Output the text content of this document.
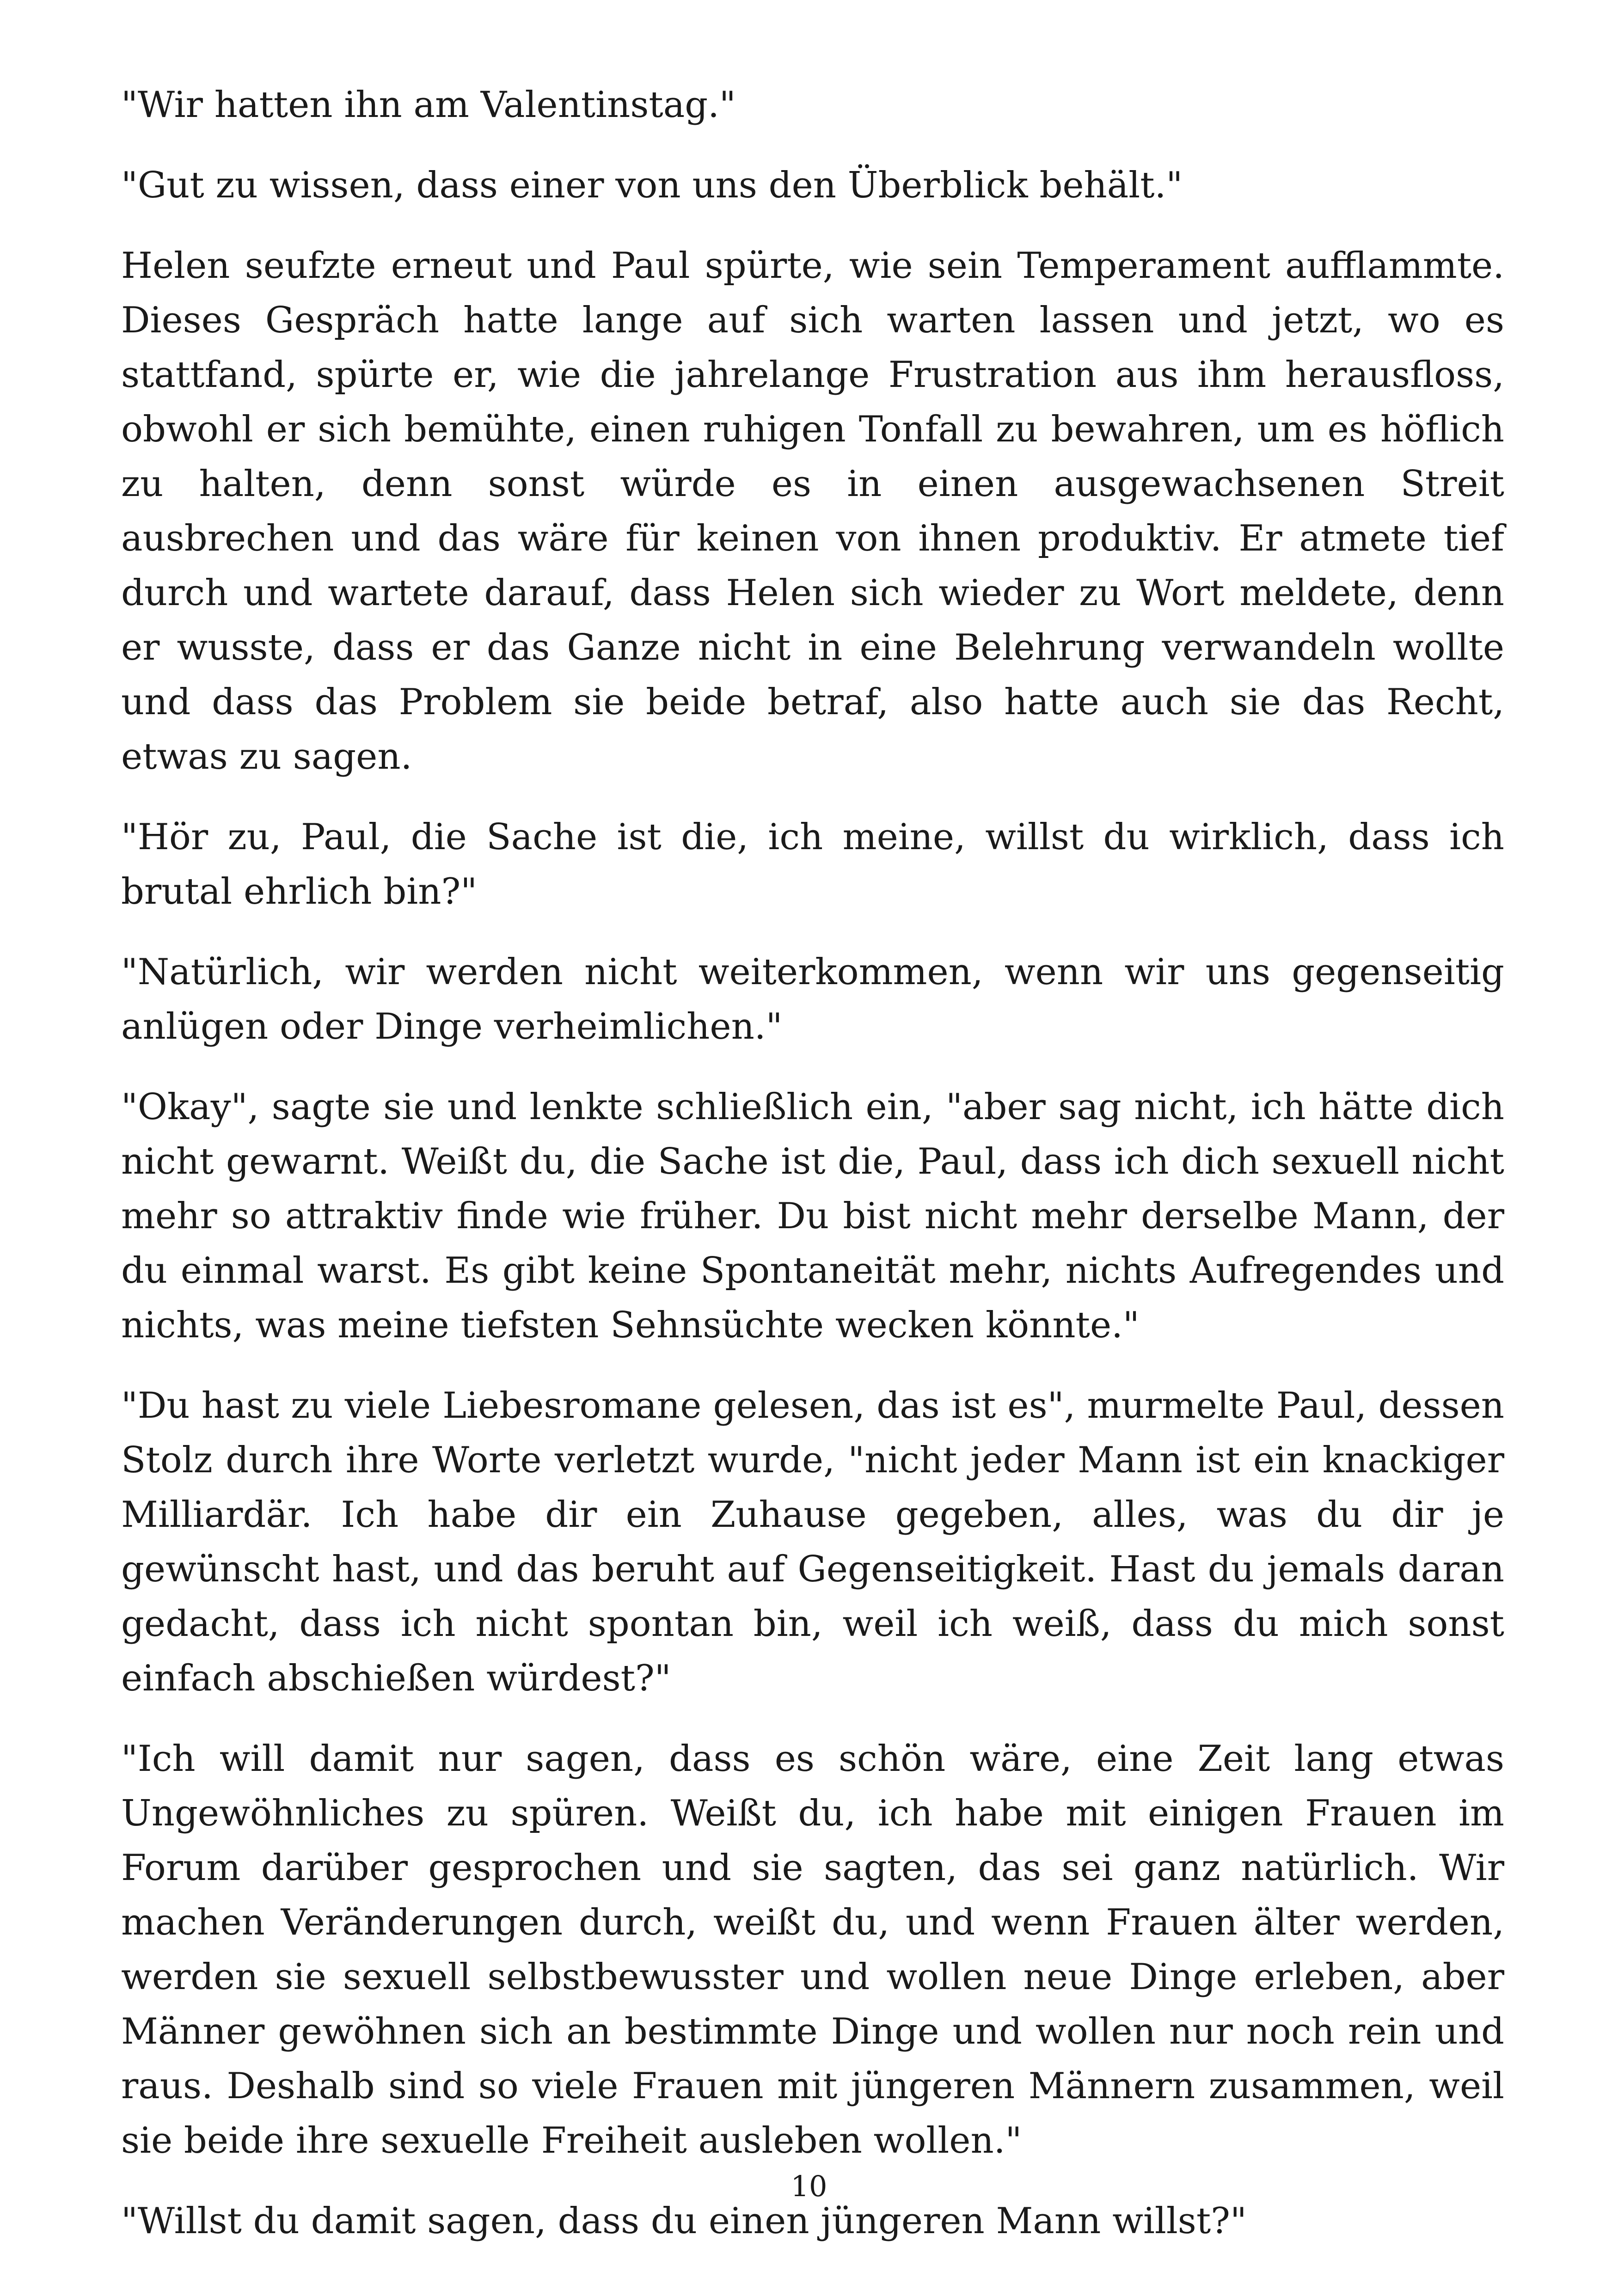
"Wir hatten ihn am Valentinstag."

"Gut zu wissen, dass einer von uns den Überblick behält."

Helen seufzte erneut und Paul spürte, wie sein Temperament aufflammte. Dieses Gespräch hatte lange auf sich warten lassen und jetzt, wo es stattfand, spürte er, wie die jahrelange Frustration aus ihm herausfloss, obwohl er sich bemühte, einen ruhigen Tonfall zu bewahren, um es höflich zu halten, denn sonst würde es in einen ausgewachsenen Streit ausbrechen und das wäre für keinen von ihnen produktiv. Er atmete tief durch und wartete darauf, dass Helen sich wieder zu Wort meldete, denn er wusste, dass er das Ganze nicht in eine Belehrung verwandeln wollte und dass das Problem sie beide betraf, also hatte auch sie das Recht, etwas zu sagen.

"Hör zu, Paul, die Sache ist die, ich meine, willst du wirklich, dass ich brutal ehrlich bin?"

"Natürlich, wir werden nicht weiterkommen, wenn wir uns gegenseitig anlügen oder Dinge verheimlichen."

"Okay", sagte sie und lenkte schließlich ein, "aber sag nicht, ich hätte dich nicht gewarnt. Weißt du, die Sache ist die, Paul, dass ich dich sexuell nicht mehr so attraktiv finde wie früher. Du bist nicht mehr derselbe Mann, der du einmal warst. Es gibt keine Spontaneität mehr, nichts Aufregendes und nichts, was meine tiefsten Sehnsüchte wecken könnte."

"Du hast zu viele Liebesromane gelesen, das ist es", murmelte Paul, dessen Stolz durch ihre Worte verletzt wurde, "nicht jeder Mann ist ein knackiger Milliardär. Ich habe dir ein Zuhause gegeben, alles, was du dir je gewünscht hast, und das beruht auf Gegenseitigkeit. Hast du jemals daran gedacht, dass ich nicht spontan bin, weil ich weiß, dass du mich sonst einfach abschießen würdest?"

"Ich will damit nur sagen, dass es schön wäre, eine Zeit lang etwas Ungewöhnliches zu spüren. Weißt du, ich habe mit einigen Frauen im Forum darüber gesprochen und sie sagten, das sei ganz natürlich. Wir machen Veränderungen durch, weißt du, und wenn Frauen älter werden, werden sie sexuell selbstbewusster und wollen neue Dinge erleben, aber Männer gewöhnen sich an bestimmte Dinge und wollen nur noch rein und raus. Deshalb sind so viele Frauen mit jüngeren Männern zusammen, weil sie beide ihre sexuelle Freiheit ausleben wollen."

"Willst du damit sagen, dass du einen jüngeren Mann willst?"

10
